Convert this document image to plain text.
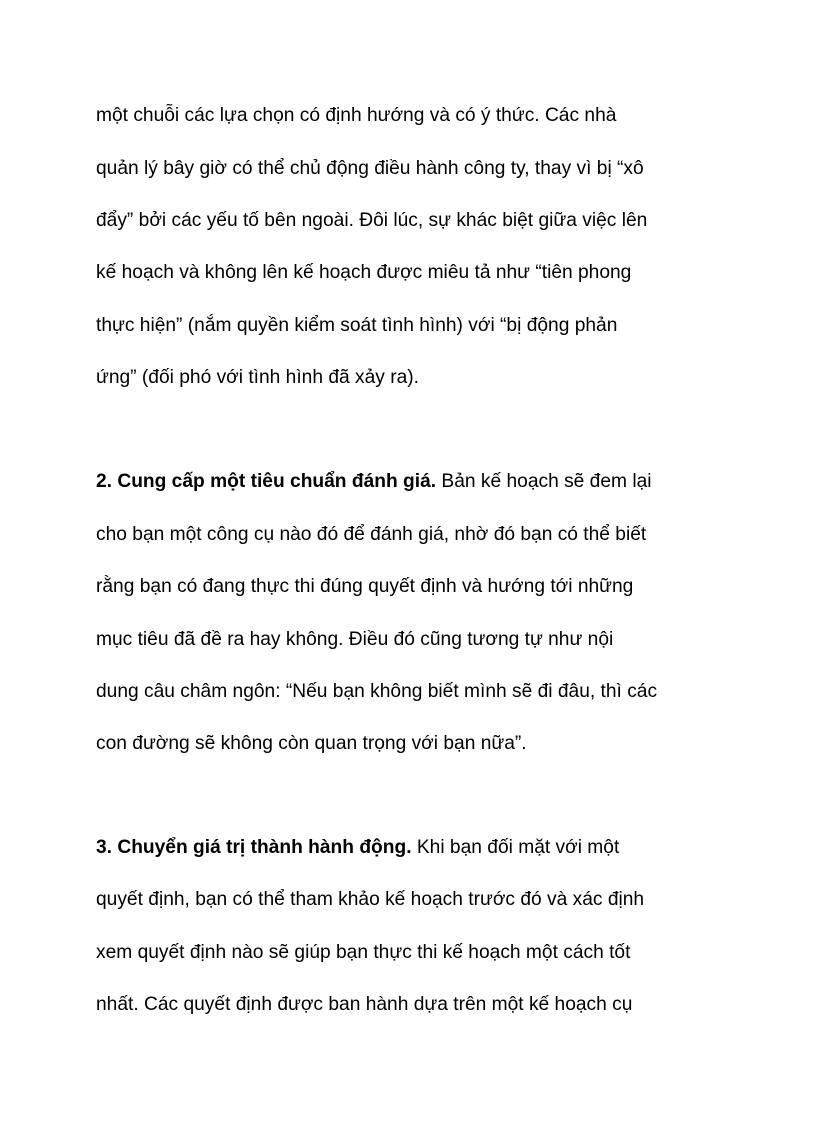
một chuỗi các lựa chọn có định hướng và có ý thức. Các nhà
quản lý bây giờ có thể chủ động điều hành công ty, thay vì bị “xô
đẩy” bởi các yếu tố bên ngoài. Đôi lúc, sự khác biệt giữa việc lên
kế hoạch và không lên kế hoạch được miêu tả như “tiên phong
thực hiện” (nắm quyền kiểm soát tình hình) với “bị động phản
ứng” (đối phó với tình hình đã xảy ra).
2. Cung cấp một tiêu chuẩn đánh giá. Bản kế hoạch sẽ đem lại
cho bạn một công cụ nào đó để đánh giá, nhờ đó bạn có thể biết
rằng bạn có đang thực thi đúng quyết định và hướng tới những
mục tiêu đã đề ra hay không. Điều đó cũng tương tự như nội
dung câu châm ngôn: “Nếu bạn không biết mình sẽ đi đâu, thì các
con đường sẽ không còn quan trọng với bạn nữa”.
3. Chuyển giá trị thành hành động. Khi bạn đối mặt với một
quyết định, bạn có thể tham khảo kế hoạch trước đó và xác định
xem quyết định nào sẽ giúp bạn thực thi kế hoạch một cách tốt
nhất. Các quyết định được ban hành dựa trên một kế hoạch cụ
